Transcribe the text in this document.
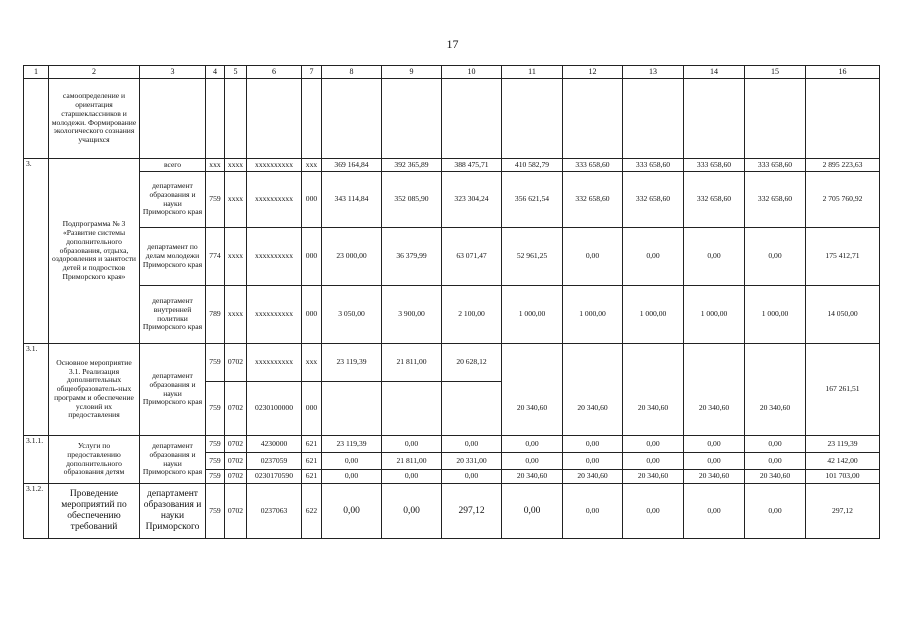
17
1	2	3	4	5	6	7	8	9	10	11	12	13	14	15	16
	самоопределение и ориентация старшеклассников и молодежи. Формирование экологического сознания учащихся														
3.	Подпрограмма № 3 «Развитие системы дополнительного образования, отдыха, оздоровления и занятости детей и подростков Приморского края»	всего	ххх	хххх	хххххххххх	ххх	369 164,84	392 365,89	388 475,71	410 582,79	333 658,60	333 658,60	333 658,60	333 658,60	2 895 223,63
		департамент образования и науки Приморского края	759	хххх	хххххххххх	000	343 114,84	352 085,90	323 304,24	356 621,54	332 658,60	332 658,60	332 658,60	332 658,60	2 705 760,92
		департамент по делам молодежи Приморского края	774	хххх	хххххххххх	000	23 000,00	36 379,99	63 071,47	52 961,25	0,00	0,00	0,00	0,00	175 412,71
		департамент внутренней политики Приморского края	789	хххх	хххххххххх	000	3 050,00	3 900,00	2 100,00	1 000,00	1 000,00	1 000,00	1 000,00	1 000,00	14 050,00
3.1.	Основное мероприятие 3.1. Реализация дополнительных общеобразователь-ных программ и обеспечение условий их предоставления	департамент образования и науки Приморского края	759	0702	хххххххххх	ххх	23 119,39	21 811,00	20 628,12						167 261,51
			759	0702	0230100000	000				20 340,60	20 340,60	20 340,60	20 340,60	20 340,60	
3.1.1.	Услуги по предоставлению дополнительного образования детям	департамент образования и науки Приморского края	759	0702	4230000	621	23 119,39	0,00	0,00	0,00	0,00	0,00	0,00	0,00	23 119,39
			759	0702	0237059	621	0,00	21 811,00	20 331,00	0,00	0,00	0,00	0,00	0,00	42 142,00
			759	0702	0230170590	621	0,00	0,00	0,00	20 340,60	20 340,60	20 340,60	20 340,60	20 340,60	101 703,00
3.1.2.	Проведение мероприятий по обеспечению требований	департамент образования и науки Приморского	759	0702	0237063	622	0,00	0,00	297,12	0,00	0,00	0,00	0,00	0,00	297,12
